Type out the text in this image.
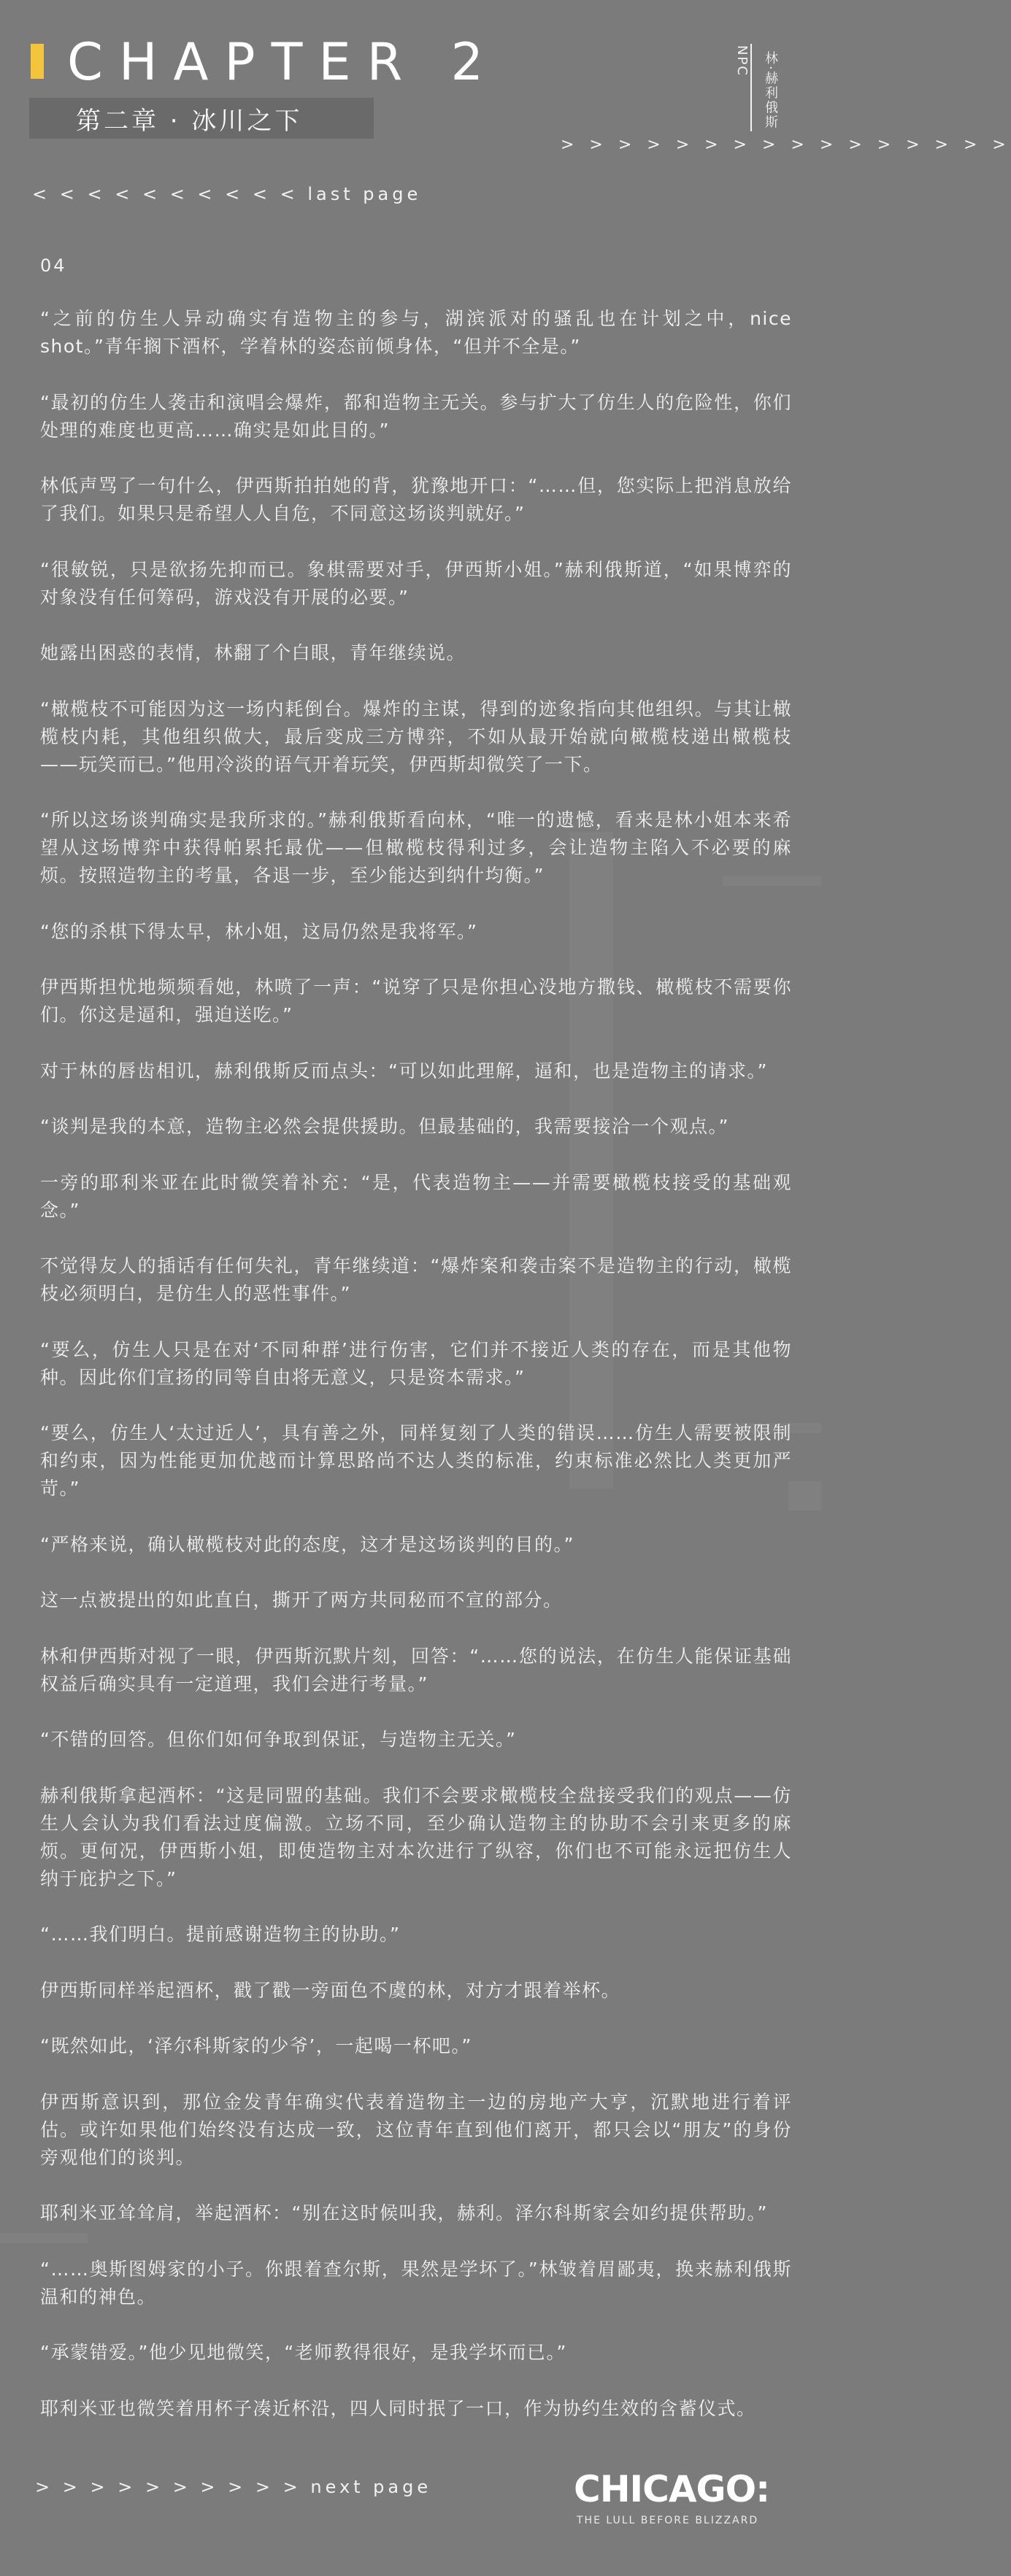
CHAPTER 2
第二章 · 冰川之下
NPC 林·赫利俄斯
> > > > > > > > > > > > > > > >
< < < < < < < < < < last page
04

“之前的仿生人异动确实有造物主的参与，湖滨派对的骚乱也在计划之中，nice shot。”青年搁下酒杯，学着林的姿态前倾身体，“但并不全是。”

“最初的仿生人袭击和演唱会爆炸，都和造物主无关。参与扩大了仿生人的危险性，你们处理的难度也更高……确实是如此目的。”

林低声骂了一句什么，伊西斯拍拍她的背，犹豫地开口：“……但，您实际上把消息放给了我们。如果只是希望人人自危，不同意这场谈判就好。”

“很敏锐，只是欲扬先抑而已。象棋需要对手，伊西斯小姐。”赫利俄斯道，“如果博弈的对象没有任何筹码，游戏没有开展的必要。”

她露出困惑的表情，林翻了个白眼，青年继续说。

“橄榄枝不可能因为这一场内耗倒台。爆炸的主谋，得到的迹象指向其他组织。与其让橄榄枝内耗，其他组织做大，最后变成三方博弈，不如从最开始就向橄榄枝递出橄榄枝——玩笑而已。”他用冷淡的语气开着玩笑，伊西斯却微笑了一下。

“所以这场谈判确实是我所求的。”赫利俄斯看向林，“唯一的遗憾，看来是林小姐本来希望从这场博弈中获得帕累托最优——但橄榄枝得利过多，会让造物主陷入不必要的麻烦。按照造物主的考量，各退一步，至少能达到纳什均衡。”

“您的杀棋下得太早，林小姐，这局仍然是我将军。”

伊西斯担忧地频频看她，林喷了一声：“说穿了只是你担心没地方撒钱、橄榄枝不需要你们。你这是逼和，强迫送吃。”

对于林的唇齿相讥，赫利俄斯反而点头：“可以如此理解，逼和，也是造物主的请求。”

“谈判是我的本意，造物主必然会提供援助。但最基础的，我需要接洽一个观点。”

一旁的耶利米亚在此时微笑着补充：“是，代表造物主——并需要橄榄枝接受的基础观念。”

不觉得友人的插话有任何失礼，青年继续道：“爆炸案和袭击案不是造物主的行动，橄榄枝必须明白，是仿生人的恶性事件。”

“要么，仿生人只是在对‘不同种群’进行伤害，它们并不接近人类的存在，而是其他物种。因此你们宣扬的同等自由将无意义，只是资本需求。”

“要么，仿生人‘太过近人’，具有善之外，同样复刻了人类的错误……仿生人需要被限制和约束，因为性能更加优越而计算思路尚不达人类的标准，约束标准必然比人类更加严苛。”

“严格来说，确认橄榄枝对此的态度，这才是这场谈判的目的。”

这一点被提出的如此直白，撕开了两方共同秘而不宣的部分。

林和伊西斯对视了一眼，伊西斯沉默片刻，回答：“……您的说法，在仿生人能保证基础权益后确实具有一定道理，我们会进行考量。”

“不错的回答。但你们如何争取到保证，与造物主无关。”

赫利俄斯拿起酒杯：“这是同盟的基础。我们不会要求橄榄枝全盘接受我们的观点——仿生人会认为我们看法过度偏激。立场不同，至少确认造物主的协助不会引来更多的麻烦。更何况，伊西斯小姐，即使造物主对本次进行了纵容，你们也不可能永远把仿生人纳于庇护之下。”

“……我们明白。提前感谢造物主的协助。”

伊西斯同样举起酒杯，戳了戳一旁面色不虞的林，对方才跟着举杯。

“既然如此，‘泽尔科斯家的少爷’，一起喝一杯吧。”

伊西斯意识到，那位金发青年确实代表着造物主一边的房地产大亨，沉默地进行着评估。或许如果他们始终没有达成一致，这位青年直到他们离开，都只会以“朋友”的身份旁观他们的谈判。

耶利米亚耸耸肩，举起酒杯：“别在这时候叫我，赫利。泽尔科斯家会如约提供帮助。”

“……奥斯图姆家的小子。你跟着查尔斯，果然是学坏了。”林皱着眉鄙夷，换来赫利俄斯温和的神色。

“承蒙错爱。”他少见地微笑，“老师教得很好，是我学坏而已。”

耶利米亚也微笑着用杯子凑近杯沿，四人同时抿了一口，作为协约生效的含蓄仪式。

> > > > > > > > > > next page	CHICAGO:
THE LULL BEFORE BLIZZARD
